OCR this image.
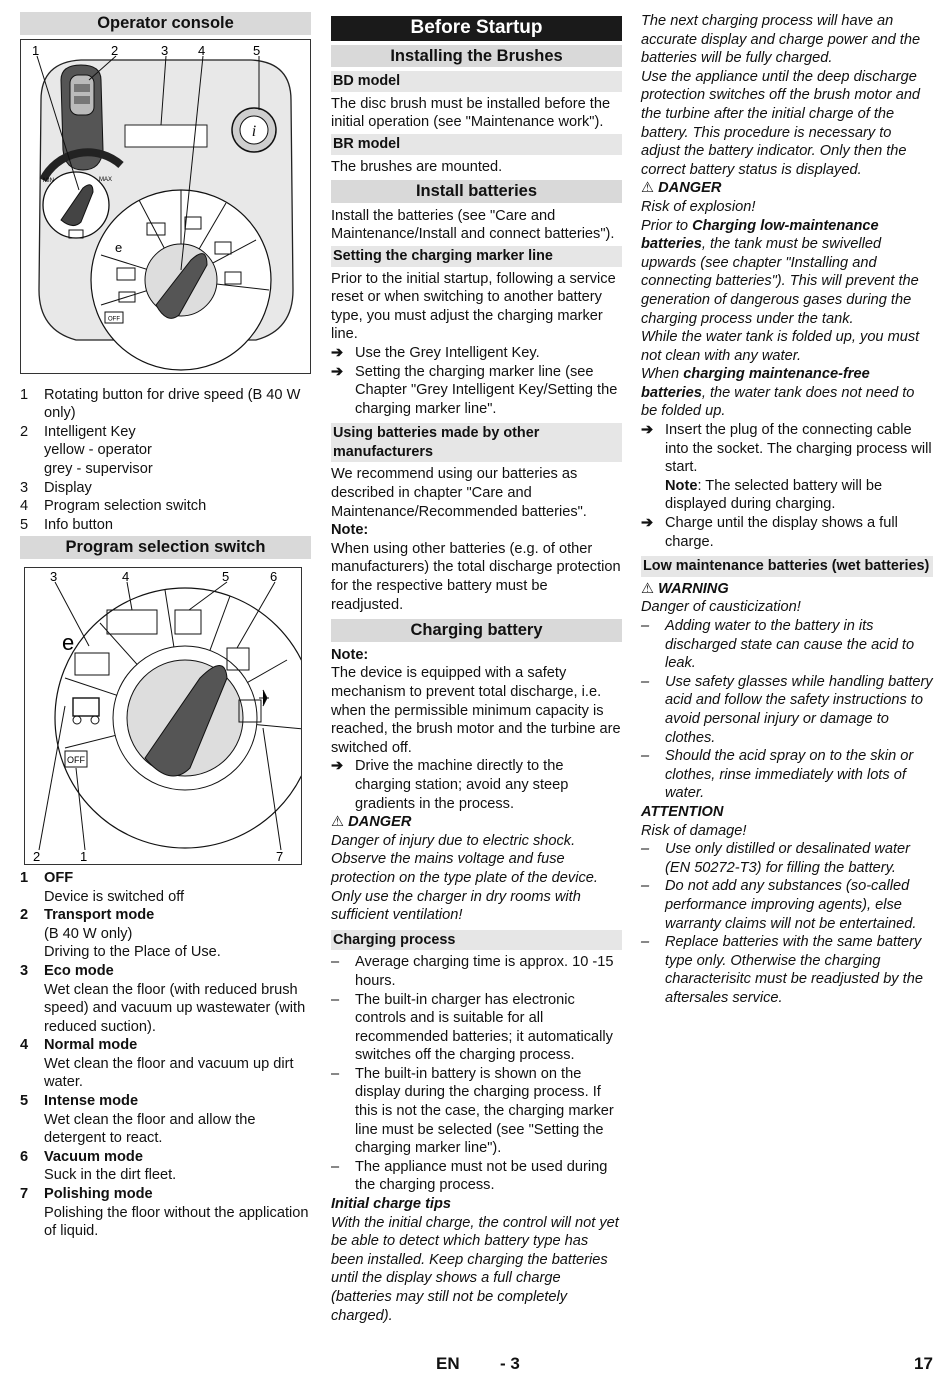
Operator console
i
MIN	MAX
e
OFF
1	2	3 4	5
1	Rotating button for drive speed (B 40 W only)
2	Intelligent Key
yellow - operator
grey - supervisor
3	Display
4	Program selection switch
5	Info button
Program selection switch
e
OFF
3	4	5	6
2	1	7
1	OFF
Device is switched off
2	Transport mode
(B 40 W only)
Driving to the Place of Use.
3	Eco mode
Wet clean the floor (with reduced brush speed) and vacuum up wastewater (with reduced suction).
4	Normal mode
Wet clean the floor and vacuum up dirt water.
5	Intense mode
Wet clean the floor and allow the detergent to react.
6	Vacuum mode
Suck in the dirt fleet.
7	Polishing mode
Polishing the floor without the application of liquid.
Before Startup
Installing the Brushes
BD model

The disc brush must be installed before the initial operation (see "Maintenance work").

BR model

The brushes are mounted.

Install batteries

Install the batteries (see "Care and Maintenance/Install and connect batteries").

Setting the charging marker line

Prior to the initial startup, following a service reset or when switching to another battery type, you must adjust the charging marker line.

➔ Use the Grey Intelligent Key.
➔ Setting the charging marker line (see Chapter "Grey Intelligent Key/Setting the charging marker line".
Using batteries made by other manufacturers

We recommend using our batteries as described in chapter "Care and Maintenance/Recommended batteries".

Note:

When using other batteries (e.g. of other manufacturers) the total discharge protection for the respective battery must be readjusted.

Charging battery

Note:

The device is equipped with a safety mechanism to prevent total discharge, i.e. when the permissible minimum capacity is reached, the brush motor and the turbine are switched off.

➔ Drive the machine directly to the charging station; avoid any steep gradients in the process.

⚠ DANGER

Danger of injury due to electric shock. Observe the mains voltage and fuse protection on the type plate of the device.

Only use the charger in dry rooms with sufficient ventilation!

Charging process
–	Average charging time is approx. 10 -15 hours.
–	The built-in charger has electronic controls and is suitable for all recommended batteries; it automatically switches off the charging process.
–	The built-in battery is shown on the display during the charging process. If this is not the case, the charging marker line must be selected (see "Setting the charging marker line").
–	The appliance must not be used during the charging process.

Initial charge tips

With the initial charge, the control will not yet be able to detect which battery type has been installed. Keep charging the batteries until the display shows a full charge (batteries may still not be completely charged).

The next charging process will have an accurate display and charge power and the batteries will be fully charged.

Use the appliance until the deep discharge protection switches off the brush motor and the turbine after the initial charge of the battery. This procedure is necessary to adjust the battery indicator. Only then the correct battery status is displayed.

⚠ DANGER

Risk of explosion!

Prior to Charging low-maintenance batteries, the tank must be swivelled upwards (see chapter "Installing and connecting batteries"). This will prevent the generation of dangerous gases during the charging process under the tank.

While the water tank is folded up, you must not clean with any water.

When charging maintenance-free batteries, the water tank does not need to be folded up.

➔ Insert the plug of the connecting cable into the socket. The charging process will start.
Note: The selected battery will be displayed during charging.
➔ Charge until the display shows a full charge.
Low maintenance batteries (wet batteries)

⚠ WARNING

Danger of causticization!

–	Adding water to the battery in its discharged state can cause the acid to leak.
–	Use safety glasses while handling battery acid and follow the safety instructions to avoid personal injury or damage to clothes.
–	Should the acid spray on to the skin or clothes, rinse immediately with lots of water.

ATTENTION

Risk of damage!

–	Use only distilled or desalinated water (EN 50272-T3) for filling the battery.
–	Do not add any substances (so-called performance improving agents), else warranty claims will not be entertained.
–	Replace batteries with the same battery type only. Otherwise the charging characterisitc must be readjusted by the aftersales service.
EN - 3	17
